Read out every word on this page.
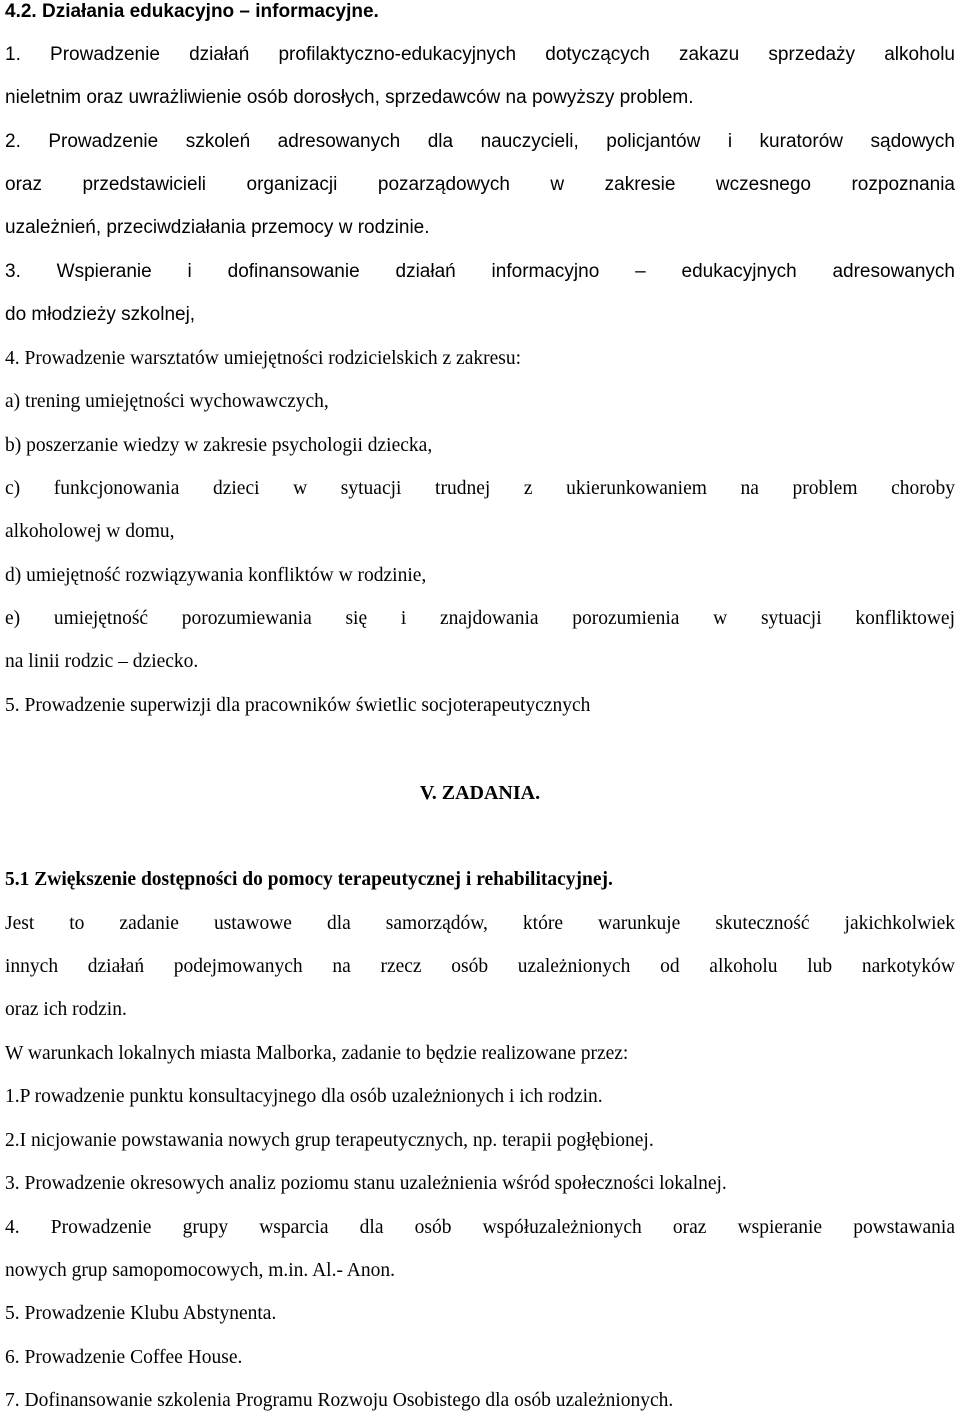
4.2. Działania edukacyjno – informacyjne.
1. Prowadzenie działań profilaktyczno-edukacyjnych dotyczących zakazu sprzedaży alkoholu
nieletnim oraz uwrażliwienie osób dorosłych, sprzedawców na powyższy problem.
2. Prowadzenie szkoleń adresowanych dla nauczycieli, policjantów i kuratorów sądowych
oraz przedstawicieli organizacji pozarządowych w zakresie wczesnego rozpoznania
uzależnień, przeciwdziałania przemocy w rodzinie.
3. Wspieranie i dofinansowanie działań informacyjno – edukacyjnych adresowanych
do młodzieży szkolnej,
4. Prowadzenie warsztatów umiejętności rodzicielskich z zakresu:
a) trening umiejętności wychowawczych,
b) poszerzanie wiedzy w zakresie psychologii dziecka,
c) funkcjonowania dzieci w sytuacji trudnej z ukierunkowaniem na problem choroby
alkoholowej w domu,
d) umiejętność rozwiązywania konfliktów w rodzinie,
e) umiejętność porozumiewania się i znajdowania porozumienia w sytuacji konfliktowej
na linii rodzic – dziecko.
5. Prowadzenie superwizji dla pracowników świetlic socjoterapeutycznych
V. ZADANIA.
5.1 Zwiększenie dostępności do pomocy terapeutycznej i rehabilitacyjnej.
Jest to zadanie ustawowe dla samorządów, które warunkuje skuteczność jakichkolwiek
innych działań podejmowanych na rzecz osób uzależnionych od alkoholu lub narkotyków
oraz ich rodzin.
W warunkach lokalnych miasta Malborka, zadanie to będzie realizowane przez:
1.P rowadzenie punktu konsultacyjnego dla osób uzależnionych i ich rodzin.
2.I nicjowanie powstawania nowych grup terapeutycznych, np. terapii pogłębionej.
3. Prowadzenie okresowych analiz poziomu stanu uzależnienia wśród społeczności lokalnej.
4. Prowadzenie grupy wsparcia dla osób współuzależnionych oraz wspieranie powstawania
nowych grup samopomocowych, m.in. Al.- Anon.
5. Prowadzenie Klubu Abstynenta.
6. Prowadzenie Coffee House.
7. Dofinansowanie szkolenia Programu Rozwoju Osobistego dla osób uzależnionych.
